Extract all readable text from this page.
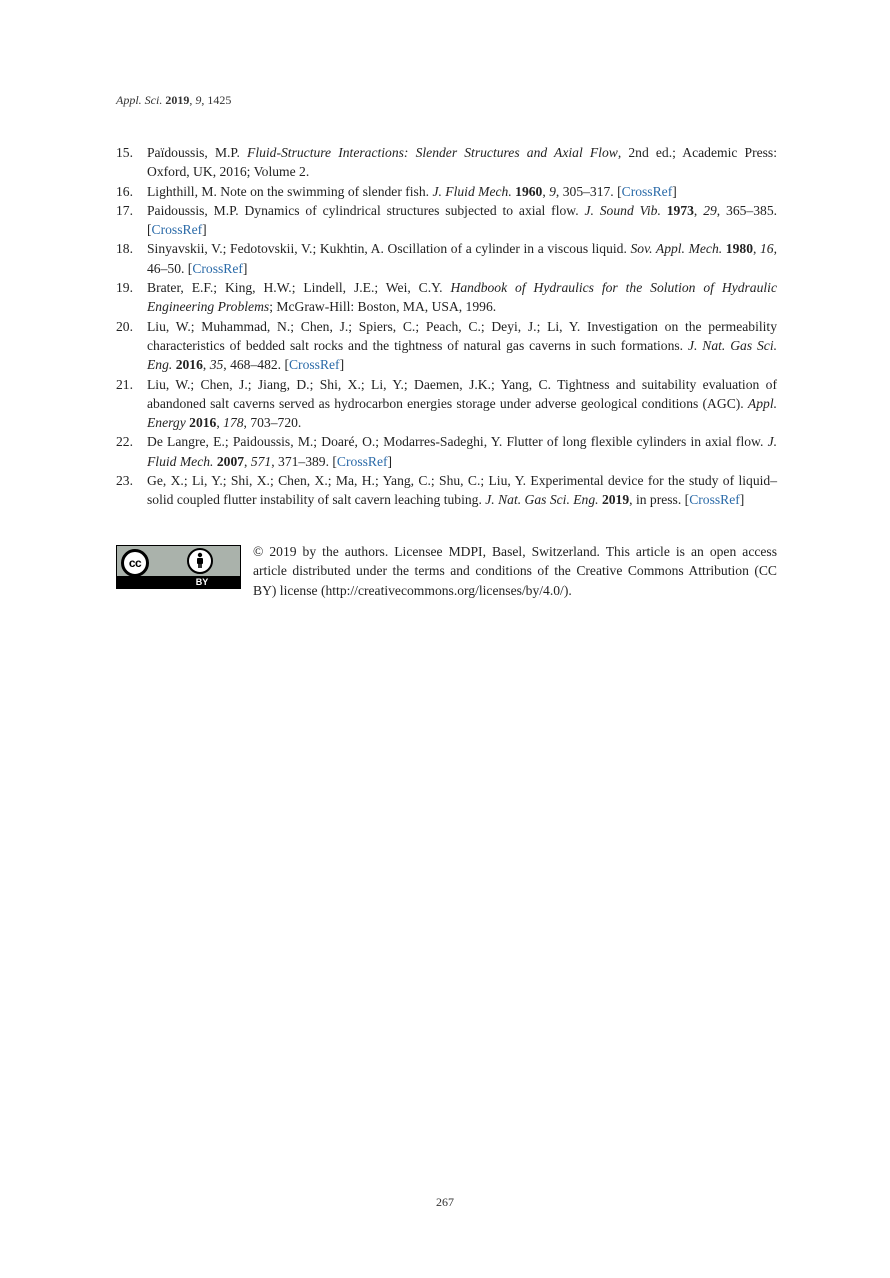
Appl. Sci. 2019, 9, 1425
15.	Païdoussis, M.P. Fluid-Structure Interactions: Slender Structures and Axial Flow, 2nd ed.; Academic Press: Oxford, UK, 2016; Volume 2.
16.	Lighthill, M. Note on the swimming of slender fish. J. Fluid Mech. 1960, 9, 305–317. [CrossRef]
17.	Paidoussis, M.P. Dynamics of cylindrical structures subjected to axial flow. J. Sound Vib. 1973, 29, 365–385. [CrossRef]
18.	Sinyavskii, V.; Fedotovskii, V.; Kukhtin, A. Oscillation of a cylinder in a viscous liquid. Sov. Appl. Mech. 1980, 16, 46–50. [CrossRef]
19.	Brater, E.F.; King, H.W.; Lindell, J.E.; Wei, C.Y. Handbook of Hydraulics for the Solution of Hydraulic Engineering Problems; McGraw-Hill: Boston, MA, USA, 1996.
20.	Liu, W.; Muhammad, N.; Chen, J.; Spiers, C.; Peach, C.; Deyi, J.; Li, Y. Investigation on the permeability characteristics of bedded salt rocks and the tightness of natural gas caverns in such formations. J. Nat. Gas Sci. Eng. 2016, 35, 468–482. [CrossRef]
21.	Liu, W.; Chen, J.; Jiang, D.; Shi, X.; Li, Y.; Daemen, J.K.; Yang, C. Tightness and suitability evaluation of abandoned salt caverns served as hydrocarbon energies storage under adverse geological conditions (AGC). Appl. Energy 2016, 178, 703–720.
22.	De Langre, E.; Paidoussis, M.; Doaré, O.; Modarres-Sadeghi, Y. Flutter of long flexible cylinders in axial flow. J. Fluid Mech. 2007, 571, 371–389. [CrossRef]
23.	Ge, X.; Li, Y.; Shi, X.; Chen, X.; Ma, H.; Yang, C.; Shu, C.; Liu, Y. Experimental device for the study of liquid–solid coupled flutter instability of salt cavern leaching tubing. J. Nat. Gas Sci. Eng. 2019, in press. [CrossRef]
cc
BY
© 2019 by the authors. Licensee MDPI, Basel, Switzerland. This article is an open access article distributed under the terms and conditions of the Creative Commons Attribution (CC BY) license (http://creativecommons.org/licenses/by/4.0/).
267
